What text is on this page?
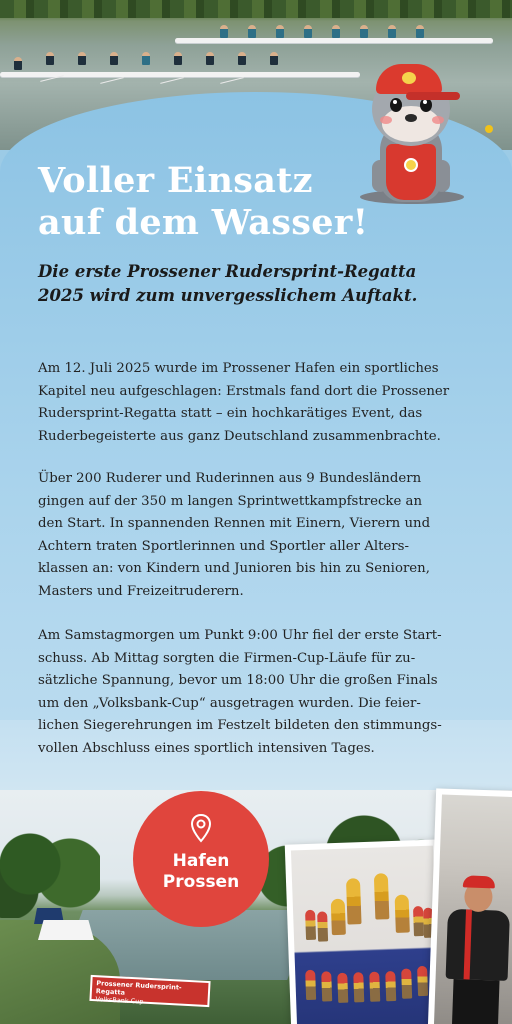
Voller Einsatz
auf dem Wasser!
Die erste Prossener Rudersprint-Regatta
2025 wird zum unvergesslichem Auftakt.

Am 12. Juli 2025 wurde im Prossener Hafen ein sportliches
Kapitel neu aufgeschlagen: Erstmals fand dort die Prossener
Rudersprint-Regatta statt – ein hochkarätiges Event, das
Ruderbegeisterte aus ganz Deutschland zusammenbrachte.

Über 200 Ruderer und Ruderinnen aus 9 Bundesländern
gingen auf der 350 m langen Sprintwettkampfstrecke an
den Start. In spannenden Rennen mit Einern, Vierern und
Achtern traten Sportlerinnen und Sportler aller Alters-
klassen an: von Kindern und Junioren bis hin zu Senioren,
Masters und Freizeitruderern.

Am Samstagmorgen um Punkt 9:00 Uhr fiel der erste Start-
schuss. Ab Mittag sorgten die Firmen-Cup-Läufe für zu-
sätzliche Spannung, bevor um 18:00 Uhr die großen Finals
um den „Volksbank-Cup“ ausgetragen wurden. Die feier-
lichen Siegerehrungen im Festzelt bildeten den stimmungs-
vollen Abschluss eines sportlich intensiven Tages.

Prossener Rudersprint-Regatta
VolksBank Cup
Hafen
Prossen
